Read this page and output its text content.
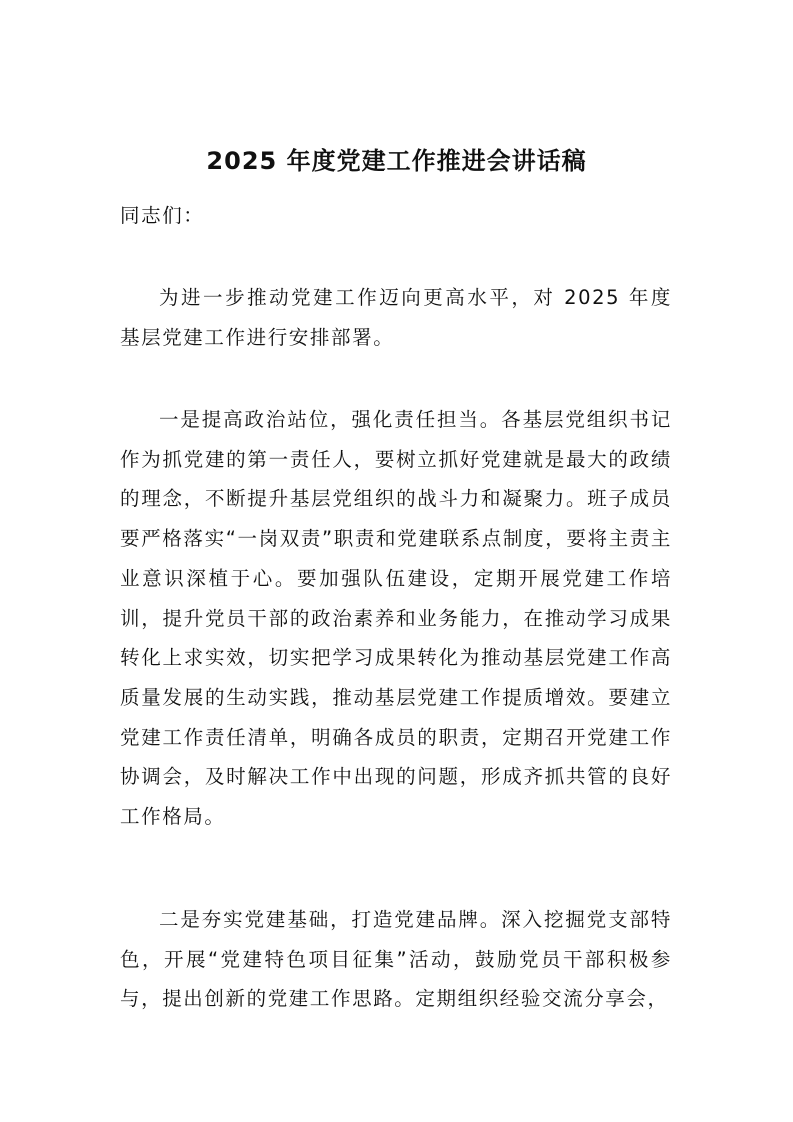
2025 年度党建工作推进会讲话稿

同志们：

为进一步推动党建工作迈向更高水平，对 2025 年度基层党建工作进行安排部署。

一是提高政治站位，强化责任担当。各基层党组织书记作为抓党建的第一责任人，要树立抓好党建就是最大的政绩的理念，不断提升基层党组织的战斗力和凝聚力。班子成员要严格落实“一岗双责”职责和党建联系点制度，要将主责主业意识深植于心。要加强队伍建设，定期开展党建工作培训，提升党员干部的政治素养和业务能力，在推动学习成果转化上求实效，切实把学习成果转化为推动基层党建工作高质量发展的生动实践，推动基层党建工作提质增效。要建立党建工作责任清单，明确各成员的职责，定期召开党建工作协调会，及时解决工作中出现的问题，形成齐抓共管的良好工作格局。

二是夯实党建基础，打造党建品牌。深入挖掘党支部特色，开展“党建特色项目征集”活动，鼓励党员干部积极参与，提出创新的党建工作思路。定期组织经验交流分享会，
